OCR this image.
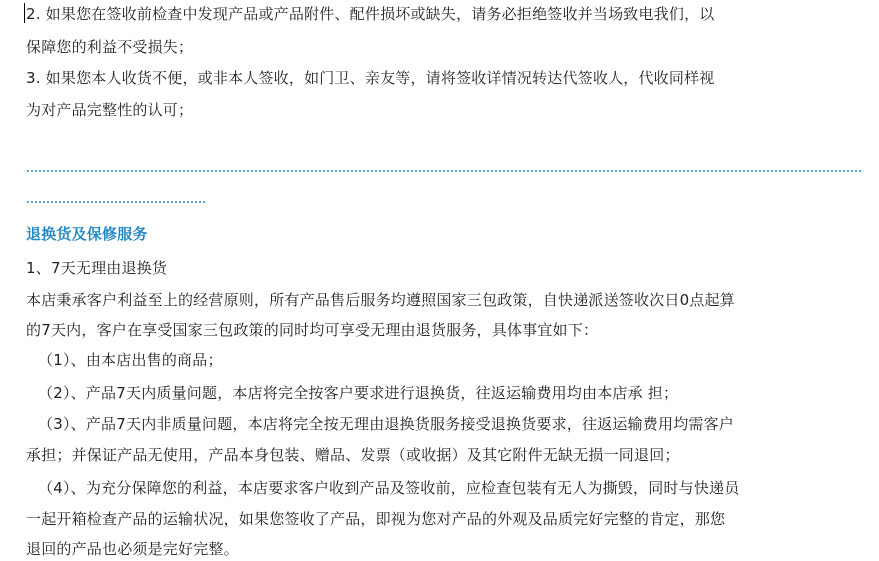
2. 如果您在签收前检查中发现产品或产品附件、配件损坏或缺失，请务必拒绝签收并当场致电我们，以
保障您的利益不受损失；
3. 如果您本人收货不便，或非本人签收，如门卫、亲友等，请将签收详情况转达代签收人，代收同样视
为对产品完整性的认可；
退换货及保修服务
1、7天无理由退换货
本店秉承客户利益至上的经营原则，所有产品售后服务均遵照国家三包政策，自快递派送签收次日0点起算
的7天内，客户在享受国家三包政策的同时均可享受无理由退货服务，具体事宜如下：
（1）、由本店出售的商品；
（2）、产品7天内质量问题，本店将完全按客户要求进行退换货，往返运输费用均由本店承 担；
（3）、产品7天内非质量问题，本店将完全按无理由退换货服务接受退换货要求，往返运输费用均需客户
承担；并保证产品无使用，产品本身包装、赠品、发票（或收据）及其它附件无缺无损一同退回；
（4）、为充分保障您的利益，本店要求客户收到产品及签收前，应检查包装有无人为撕毁，同时与快递员
一起开箱检查产品的运输状况，如果您签收了产品，即视为您对产品的外观及品质完好完整的肯定，那您
退回的产品也必须是完好完整。
